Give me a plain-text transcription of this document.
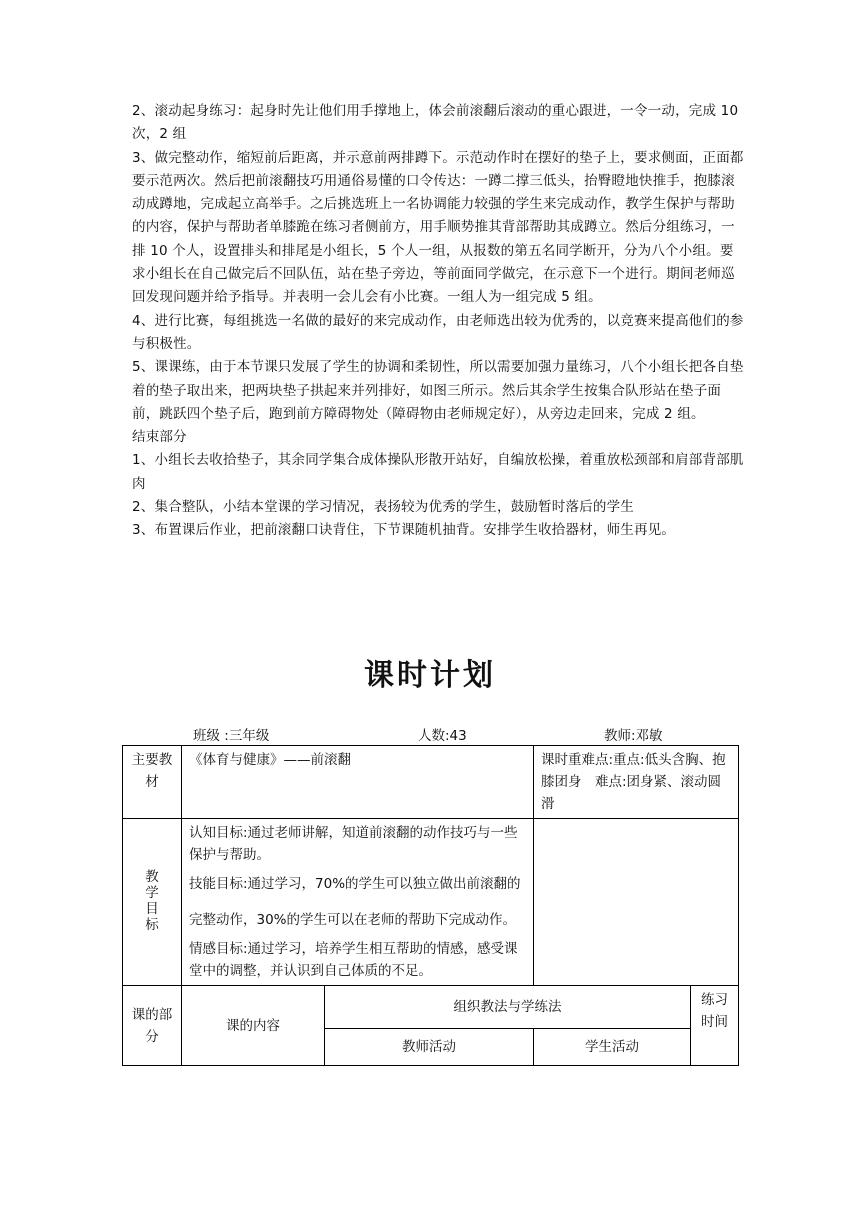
2、滚动起身练习：起身时先让他们用手撑地上，体会前滚翻后滚动的重心跟进，一令一动，完成 10 次，2 组

3、做完整动作，缩短前后距离，并示意前两排蹲下。示范动作时在摆好的垫子上，要求侧面，正面都要示范两次。然后把前滚翻技巧用通俗易懂的口令传达：一蹲二撑三低头，抬臀瞪地快推手，抱膝滚动成蹲地，完成起立高举手。之后挑选班上一名协调能力较强的学生来完成动作，教学生保护与帮助的内容，保护与帮助者单膝跪在练习者侧前方，用手顺势推其背部帮助其成蹲立。然后分组练习，一排 10 个人，设置排头和排尾是小组长，5 个人一组，从报数的第五名同学断开，分为八个小组。要求小组长在自己做完后不回队伍，站在垫子旁边，等前面同学做完，在示意下一个进行。期间老师巡回发现问题并给予指导。并表明一会儿会有小比赛。一组人为一组完成 5 组。

4、进行比赛，每组挑选一名做的最好的来完成动作，由老师选出较为优秀的，以竞赛来提高他们的参与积极性。

5、课课练，由于本节课只发展了学生的协调和柔韧性，所以需要加强力量练习，八个小组长把各自垫着的垫子取出来，把两块垫子拱起来并列排好，如图三所示。然后其余学生按集合队形站在垫子面前，跳跃四个垫子后，跑到前方障碍物处（障碍物由老师规定好），从旁边走回来，完成 2 组。

结束部分

1、小组长去收拾垫子，其余同学集合成体操队形散开站好，自编放松操，着重放松颈部和肩部背部肌肉

2、集合整队，小结本堂课的学习情况，表扬较为优秀的学生，鼓励暂时落后的学生

3、布置课后作业，把前滚翻口诀背住，下节课随机抽背。安排学生收拾器材，师生再见。

课时计划
班级 :三年级	人数:43	教师:邓敏
主要教材	《体育与健康》——前滚翻		课时重难点:重点:低头含胸、抱膝团身　难点:团身紧、滚动圆滑	
教学目标	认知目标:通过老师讲解，知道前滚翻的动作技巧与一些保护与帮助。

技能目标:通过学习，70%的学生可以独立做出前滚翻的完整动作，30%的学生可以在老师的帮助下完成动作。

情感目标:通过学习，培养学生相互帮助的情感，感受课堂中的调整，并认识到自己体质的不足。			

课的部分	课的内容	组织教法与学练法		练习时间
		教师活动	学生活动	
